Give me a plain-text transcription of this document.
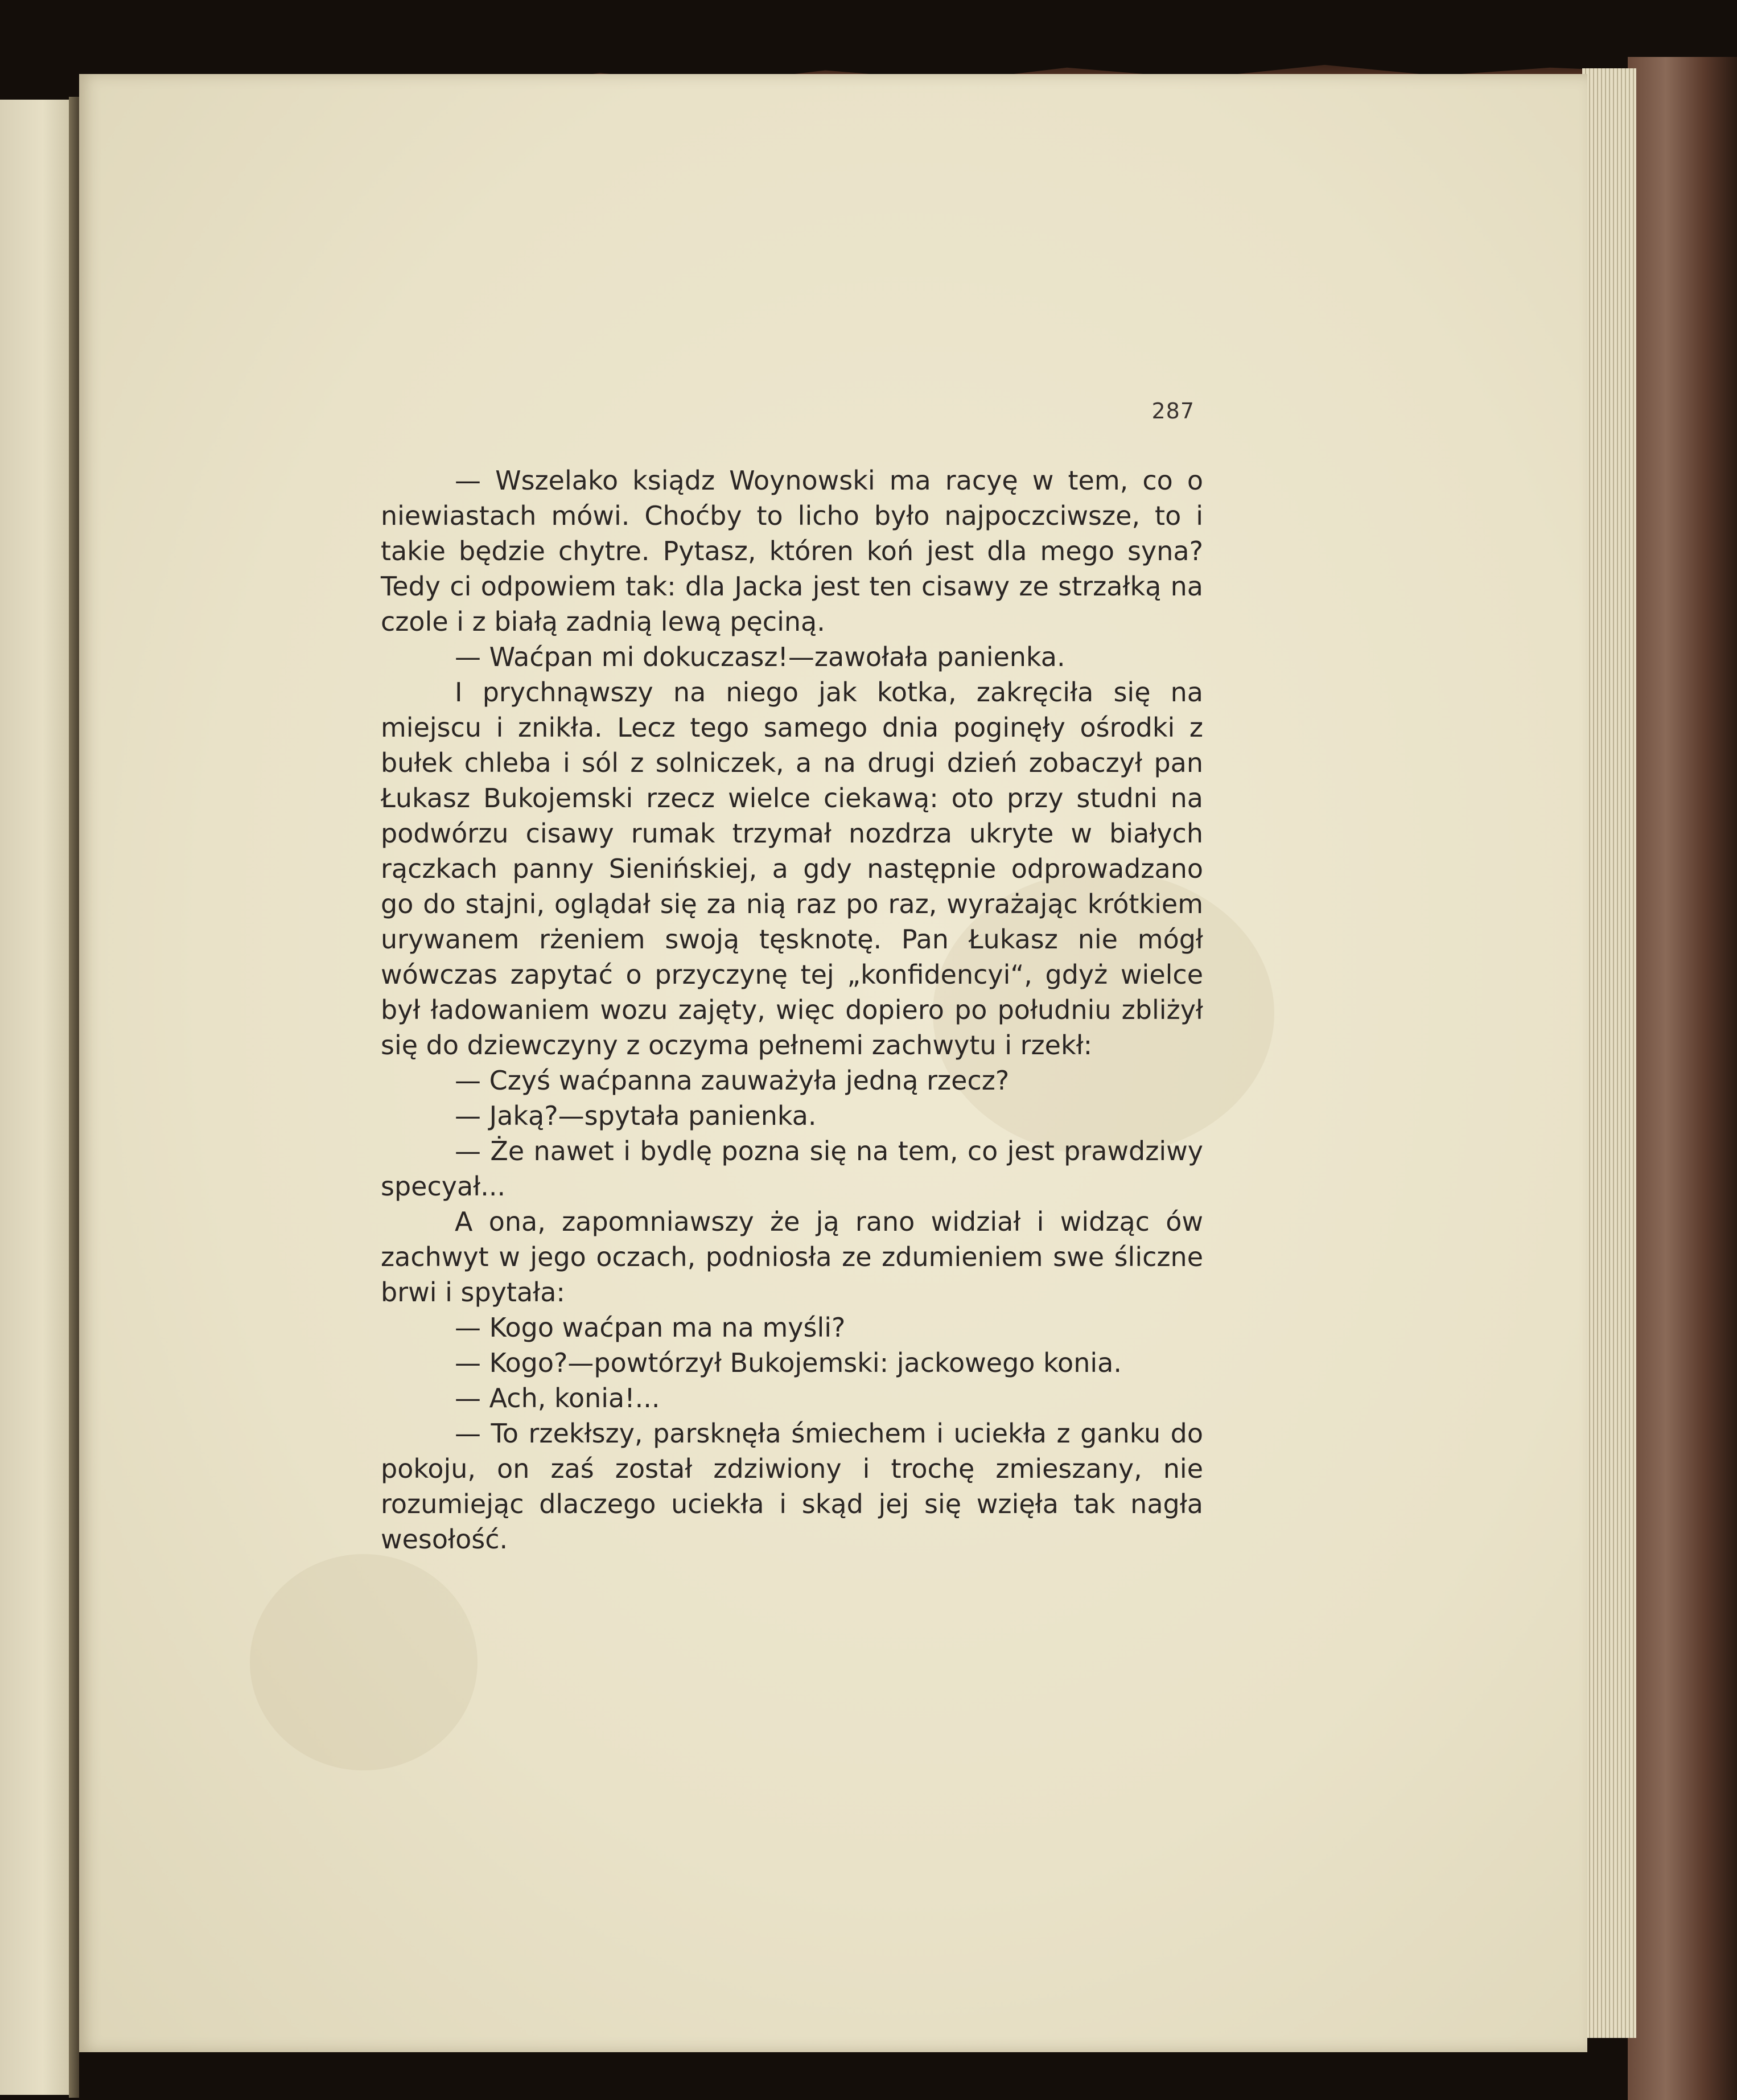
287

— Wszelako ksiądz Woynowski ma racyę w tem, co o niewiastach mówi. Choćby to licho było najpoczciwsze, to i takie będzie chytre. Pytasz, któren koń jest dla mego syna? Tedy ci odpowiem tak: dla Jacka jest ten cisawy ze strzałką na czole i z białą zadnią lewą pęciną.

— Waćpan mi dokuczasz!—zawołała panienka.

I prychnąwszy na niego jak kotka, zakręciła się na miejscu i znikła. Lecz tego samego dnia poginęły ośrodki z bułek chleba i sól z solniczek, a na drugi dzień zobaczył pan Łukasz Bukojemski rzecz wielce ciekawą: oto przy studni na podwórzu cisawy rumak trzymał nozdrza ukryte w białych rączkach panny Sienińskiej, a gdy następnie odprowadzano go do stajni, oglądał się za nią raz po raz, wyrażając krótkiem urywanem rżeniem swoją tęsknotę. Pan Łukasz nie mógł wówczas zapytać o przyczynę tej „konfidencyi“, gdyż wielce był ładowaniem wozu zajęty, więc dopiero po południu zbliżył się do dziewczyny z oczyma pełnemi zachwytu i rzekł:

— Czyś waćpanna zauważyła jedną rzecz?

— Jaką?—spytała panienka.

— Że nawet i bydlę pozna się na tem, co jest prawdziwy specyał...

A ona, zapomniawszy że ją rano widział i widząc ów zachwyt w jego oczach, podniosła ze zdumieniem swe śliczne brwi i spytała:

— Kogo waćpan ma na myśli?

— Kogo?—powtórzył Bukojemski: jackowego konia.

— Ach, konia!...

— To rzekłszy, parsknęła śmiechem i uciekła z ganku do pokoju, on zaś został zdziwiony i trochę zmieszany, nie rozumiejąc dlaczego uciekła i skąd jej się wzięła tak nagła wesołość.
